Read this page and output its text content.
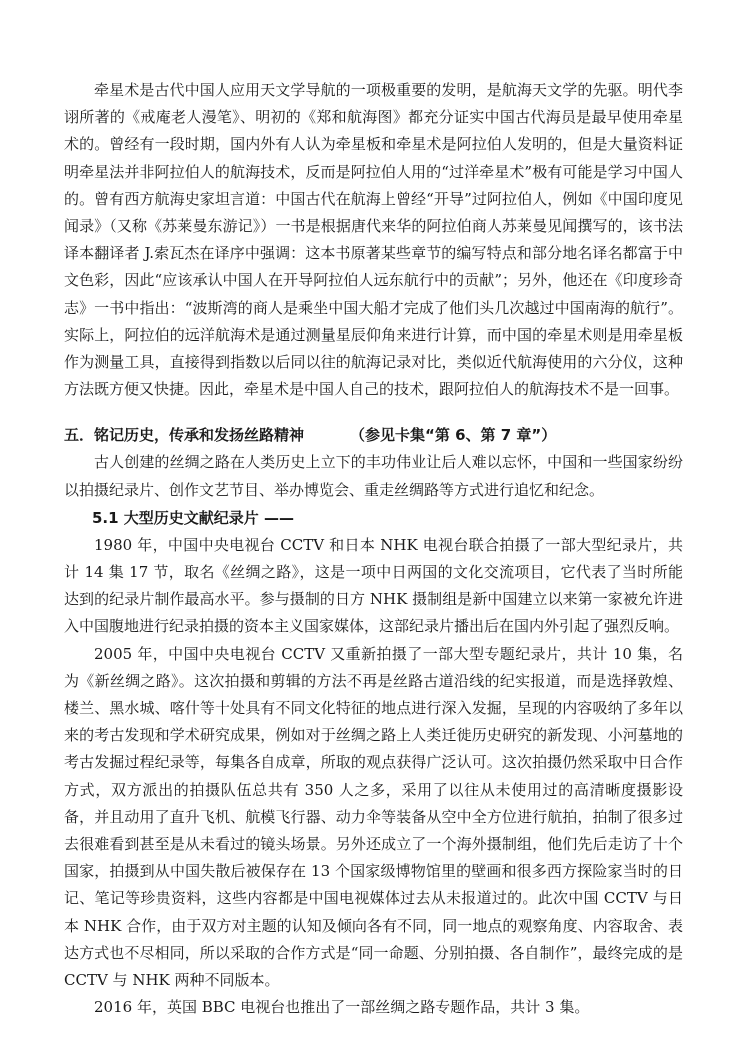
牵星术是古代中国人应用天文学导航的一项极重要的发明，是航海天文学的先驱。明代李诩所著的《戒庵老人漫笔》、明初的《郑和航海图》都充分证实中国古代海员是最早使用牵星术的。曾经有一段时期，国内外有人认为牵星板和牵星术是阿拉伯人发明的，但是大量资料证明牵星法并非阿拉伯人的航海技术，反而是阿拉伯人用的“过洋牵星术”极有可能是学习中国人的。曾有西方航海史家坦言道：中国古代在航海上曾经“开导”过阿拉伯人，例如《中国印度见闻录》（又称《苏莱曼东游记》）一书是根据唐代来华的阿拉伯商人苏莱曼见闻撰写的，该书法译本翻译者 J.索瓦杰在译序中强调：这本书原著某些章节的编写特点和部分地名译名都富于中文色彩，因此“应该承认中国人在开导阿拉伯人远东航行中的贡献”；另外，他还在《印度珍奇志》一书中指出：“波斯湾的商人是乘坐中国大船才完成了他们头几次越过中国南海的航行”。实际上，阿拉伯的远洋航海术是通过测量星辰仰角来进行计算，而中国的牵星术则是用牵星板作为测量工具，直接得到指数以后同以往的航海记录对比，类似近代航海使用的六分仪，这种方法既方便又快捷。因此，牵星术是中国人自己的技术，跟阿拉伯人的航海技术不是一回事。

五．铭记历史，传承和发扬丝路精神	（参见卡集“第 6、第 7 章”）

古人创建的丝绸之路在人类历史上立下的丰功伟业让后人难以忘怀，中国和一些国家纷纷以拍摄纪录片、创作文艺节目、举办博览会、重走丝绸路等方式进行追忆和纪念。

5.1 大型历史文献纪录片 ——

1980 年，中国中央电视台 CCTV 和日本 NHK 电视台联合拍摄了一部大型纪录片，共计 14 集 17 节，取名《丝绸之路》，这是一项中日两国的文化交流项目，它代表了当时所能达到的纪录片制作最高水平。参与摄制的日方 NHK 摄制组是新中国建立以来第一家被允许进入中国腹地进行纪录拍摄的资本主义国家媒体，这部纪录片播出后在国内外引起了强烈反响。

2005 年，中国中央电视台 CCTV 又重新拍摄了一部大型专题纪录片，共计 10 集，名为《新丝绸之路》。这次拍摄和剪辑的方法不再是丝路古道沿线的纪实报道，而是选择敦煌、楼兰、黑水城、喀什等十处具有不同文化特征的地点进行深入发掘，呈现的内容吸纳了多年以来的考古发现和学术研究成果，例如对于丝绸之路上人类迁徙历史研究的新发现、小河墓地的考古发掘过程纪录等，每集各自成章，所取的观点获得广泛认可。这次拍摄仍然采取中日合作方式，双方派出的拍摄队伍总共有 350 人之多，采用了以往从未使用过的高清晰度摄影设备，并且动用了直升飞机、航模飞行器、动力伞等装备从空中全方位进行航拍，拍制了很多过去很难看到甚至是从未看过的镜头场景。另外还成立了一个海外摄制组，他们先后走访了十个国家，拍摄到从中国失散后被保存在 13 个国家级博物馆里的壁画和很多西方探险家当时的日记、笔记等珍贵资料，这些内容都是中国电视媒体过去从未报道过的。此次中国 CCTV 与日本 NHK 合作，由于双方对主题的认知及倾向各有不同，同一地点的观察角度、内容取舍、表达方式也不尽相同，所以采取的合作方式是“同一命题、分别拍摄、各自制作”，最终完成的是 CCTV 与 NHK 两种不同版本。

2016 年，英国 BBC 电视台也推出了一部丝绸之路专题作品，共计 3 集。
